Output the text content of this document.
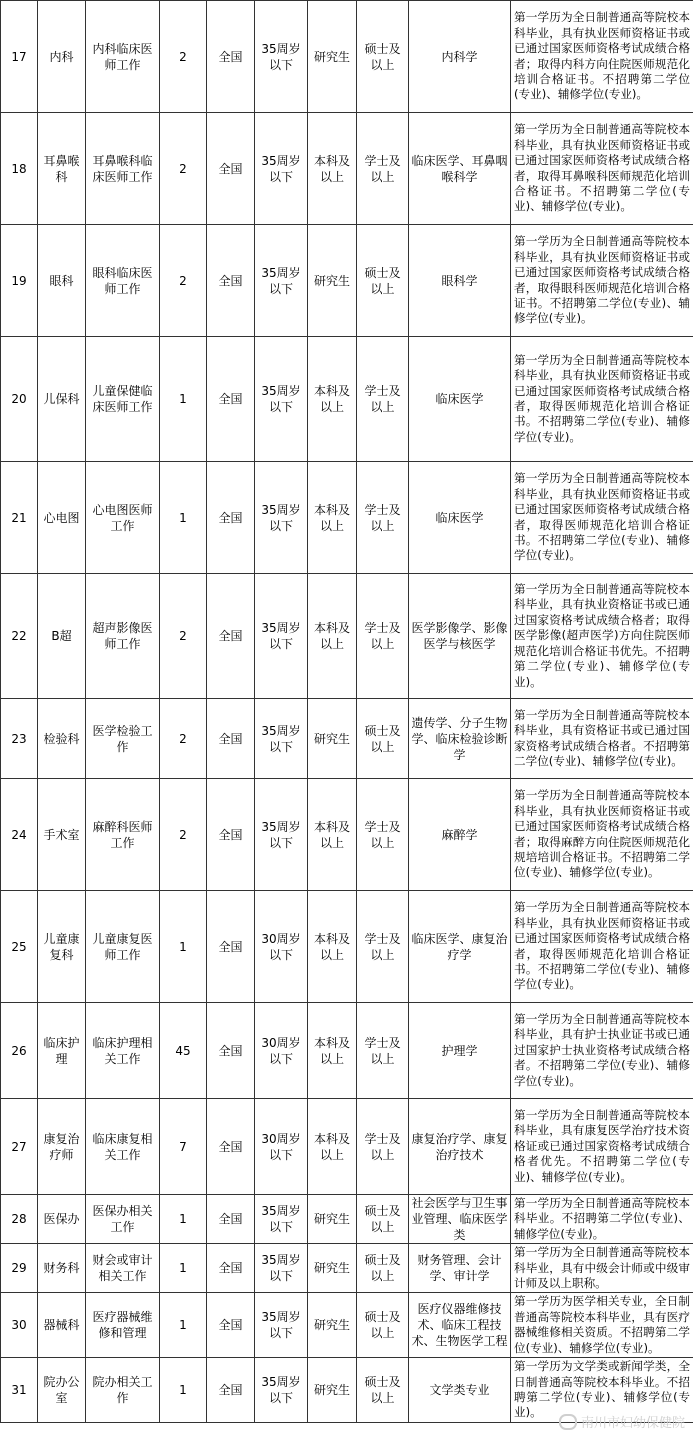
17	内科	内科临床医师工作	2	全国	35周岁以下	研究生	硕士及以上	内科学	第一学历为全日制普通高等院校本科毕业，具有执业医师资格证书或已通过国家医师资格考试成绩合格者；取得内科方向住院医师规范化培训合格证书。不招聘第二学位(专业)、辅修学位(专业)。
18	耳鼻喉科	耳鼻喉科临床医师工作	2	全国	35周岁以下	本科及以上	学士及以上	临床医学、耳鼻咽喉科学	第一学历为全日制普通高等院校本科毕业，具有执业医师资格证书或已通过国家医师资格考试成绩合格者，取得耳鼻喉科医师规范化培训合格证书。不招聘第二学位(专业)、辅修学位(专业)。
19	眼科	眼科临床医师工作	2	全国	35周岁以下	研究生	硕士及以上	眼科学	第一学历为全日制普通高等院校本科毕业，具有执业医师资格证书或已通过国家医师资格考试成绩合格者，取得眼科医师规范化培训合格证书。不招聘第二学位(专业)、辅修学位(专业)。
20	儿保科	儿童保健临床医师工作	1	全国	35周岁以下	本科及以上	学士及以上	临床医学	第一学历为全日制普通高等院校本科毕业，具有执业医师资格证书或已通过国家医师资格考试成绩合格者，取得医师规范化培训合格证书。不招聘第二学位(专业)、辅修学位(专业)。
21	心电图	心电图医师工作	1	全国	35周岁以下	本科及以上	学士及以上	临床医学	第一学历为全日制普通高等院校本科毕业，具有执业医师资格证书或已通过国家医师资格考试成绩合格者，取得医师规范化培训合格证书。不招聘第二学位(专业)、辅修学位(专业)。
22	B超	超声影像医师工作	2	全国	35周岁以下	本科及以上	学士及以上	医学影像学、影像医学与核医学	第一学历为全日制普通高等院校本科毕业，具有执业资格证书或已通过国家资格考试成绩合格者；取得医学影像(超声医学)方向住院医师规范化培训合格证书优先。不招聘第二学位(专业)、辅修学位(专业)。
23	检验科	医学检验工作	2	全国	35周岁以下	研究生	硕士及以上	遗传学、分子生物学、临床检验诊断学	第一学历为全日制普通高等院校本科毕业，具有资格证书或已通过国家资格考试成绩合格者。不招聘第二学位(专业)、辅修学位(专业)。
24	手术室	麻醉科医师工作	2	全国	35周岁以下	本科及以上	学士及以上	麻醉学	第一学历为全日制普通高等院校本科毕业，具有执业医师资格证书或已通过国家医师资格考试成绩合格者；取得麻醉方向住院医师规范化规培培训合格证书。不招聘第二学位(专业)、辅修学位(专业)。
25	儿童康复科	儿童康复医师工作	1	全国	30周岁以下	本科及以上	学士及以上	临床医学、康复治疗学	第一学历为全日制普通高等院校本科毕业，具有执业医师资格证书或已通过国家医师资格考试成绩合格者，取得医师规范化培训合格证书。不招聘第二学位(专业)、辅修学位(专业)。
26	临床护理	临床护理相关工作	45	全国	30周岁以下	本科及以上	学士及以上	护理学	第一学历为全日制普通高等院校本科毕业，具有护士执业证书或已通过国家护士执业资格考试成绩合格者。不招聘第二学位(专业)、辅修学位(专业)。
27	康复治疗师	临床康复相关工作	7	全国	30周岁以下	本科及以上	学士及以上	康复治疗学、康复治疗技术	第一学历为全日制普通高等院校本科毕业，具有康复医学治疗技术资格证或已通过国家资格考试成绩合格者优先。不招聘第二学位(专业)、辅修学位(专业)。
28	医保办	医保办相关工作	1	全国	35周岁以下	研究生	硕士及以上	社会医学与卫生事业管理、临床医学类	第一学历为全日制普通高等院校本科毕业。不招聘第二学位(专业)、辅修学位(专业)。
29	财务科	财会或审计相关工作	1	全国	35周岁以下	研究生	硕士及以上	财务管理、会计学、审计学	第一学历为全日制普通高等院校本科毕业，具有中级会计师或中级审计师及以上职称。
30	器械科	医疗器械维修和管理	1	全国	35周岁以下	研究生	硕士及以上	医疗仪器维修技术、临床工程技术、生物医学工程	第一学历为医学相关专业，全日制普通高等院校本科毕业，具有医疗器械维修相关资质。不招聘第二学位(专业)、辅修学位(专业)。
31	院办公室	院办相关工作	1	全国	35周岁以下	研究生	硕士及以上	文学类专业	第一学历为文学类或新闻学类，全日制普通高等院校本科毕业。不招聘第二学位(专业)、辅修学位(专业)。
南川市妇幼保健院
